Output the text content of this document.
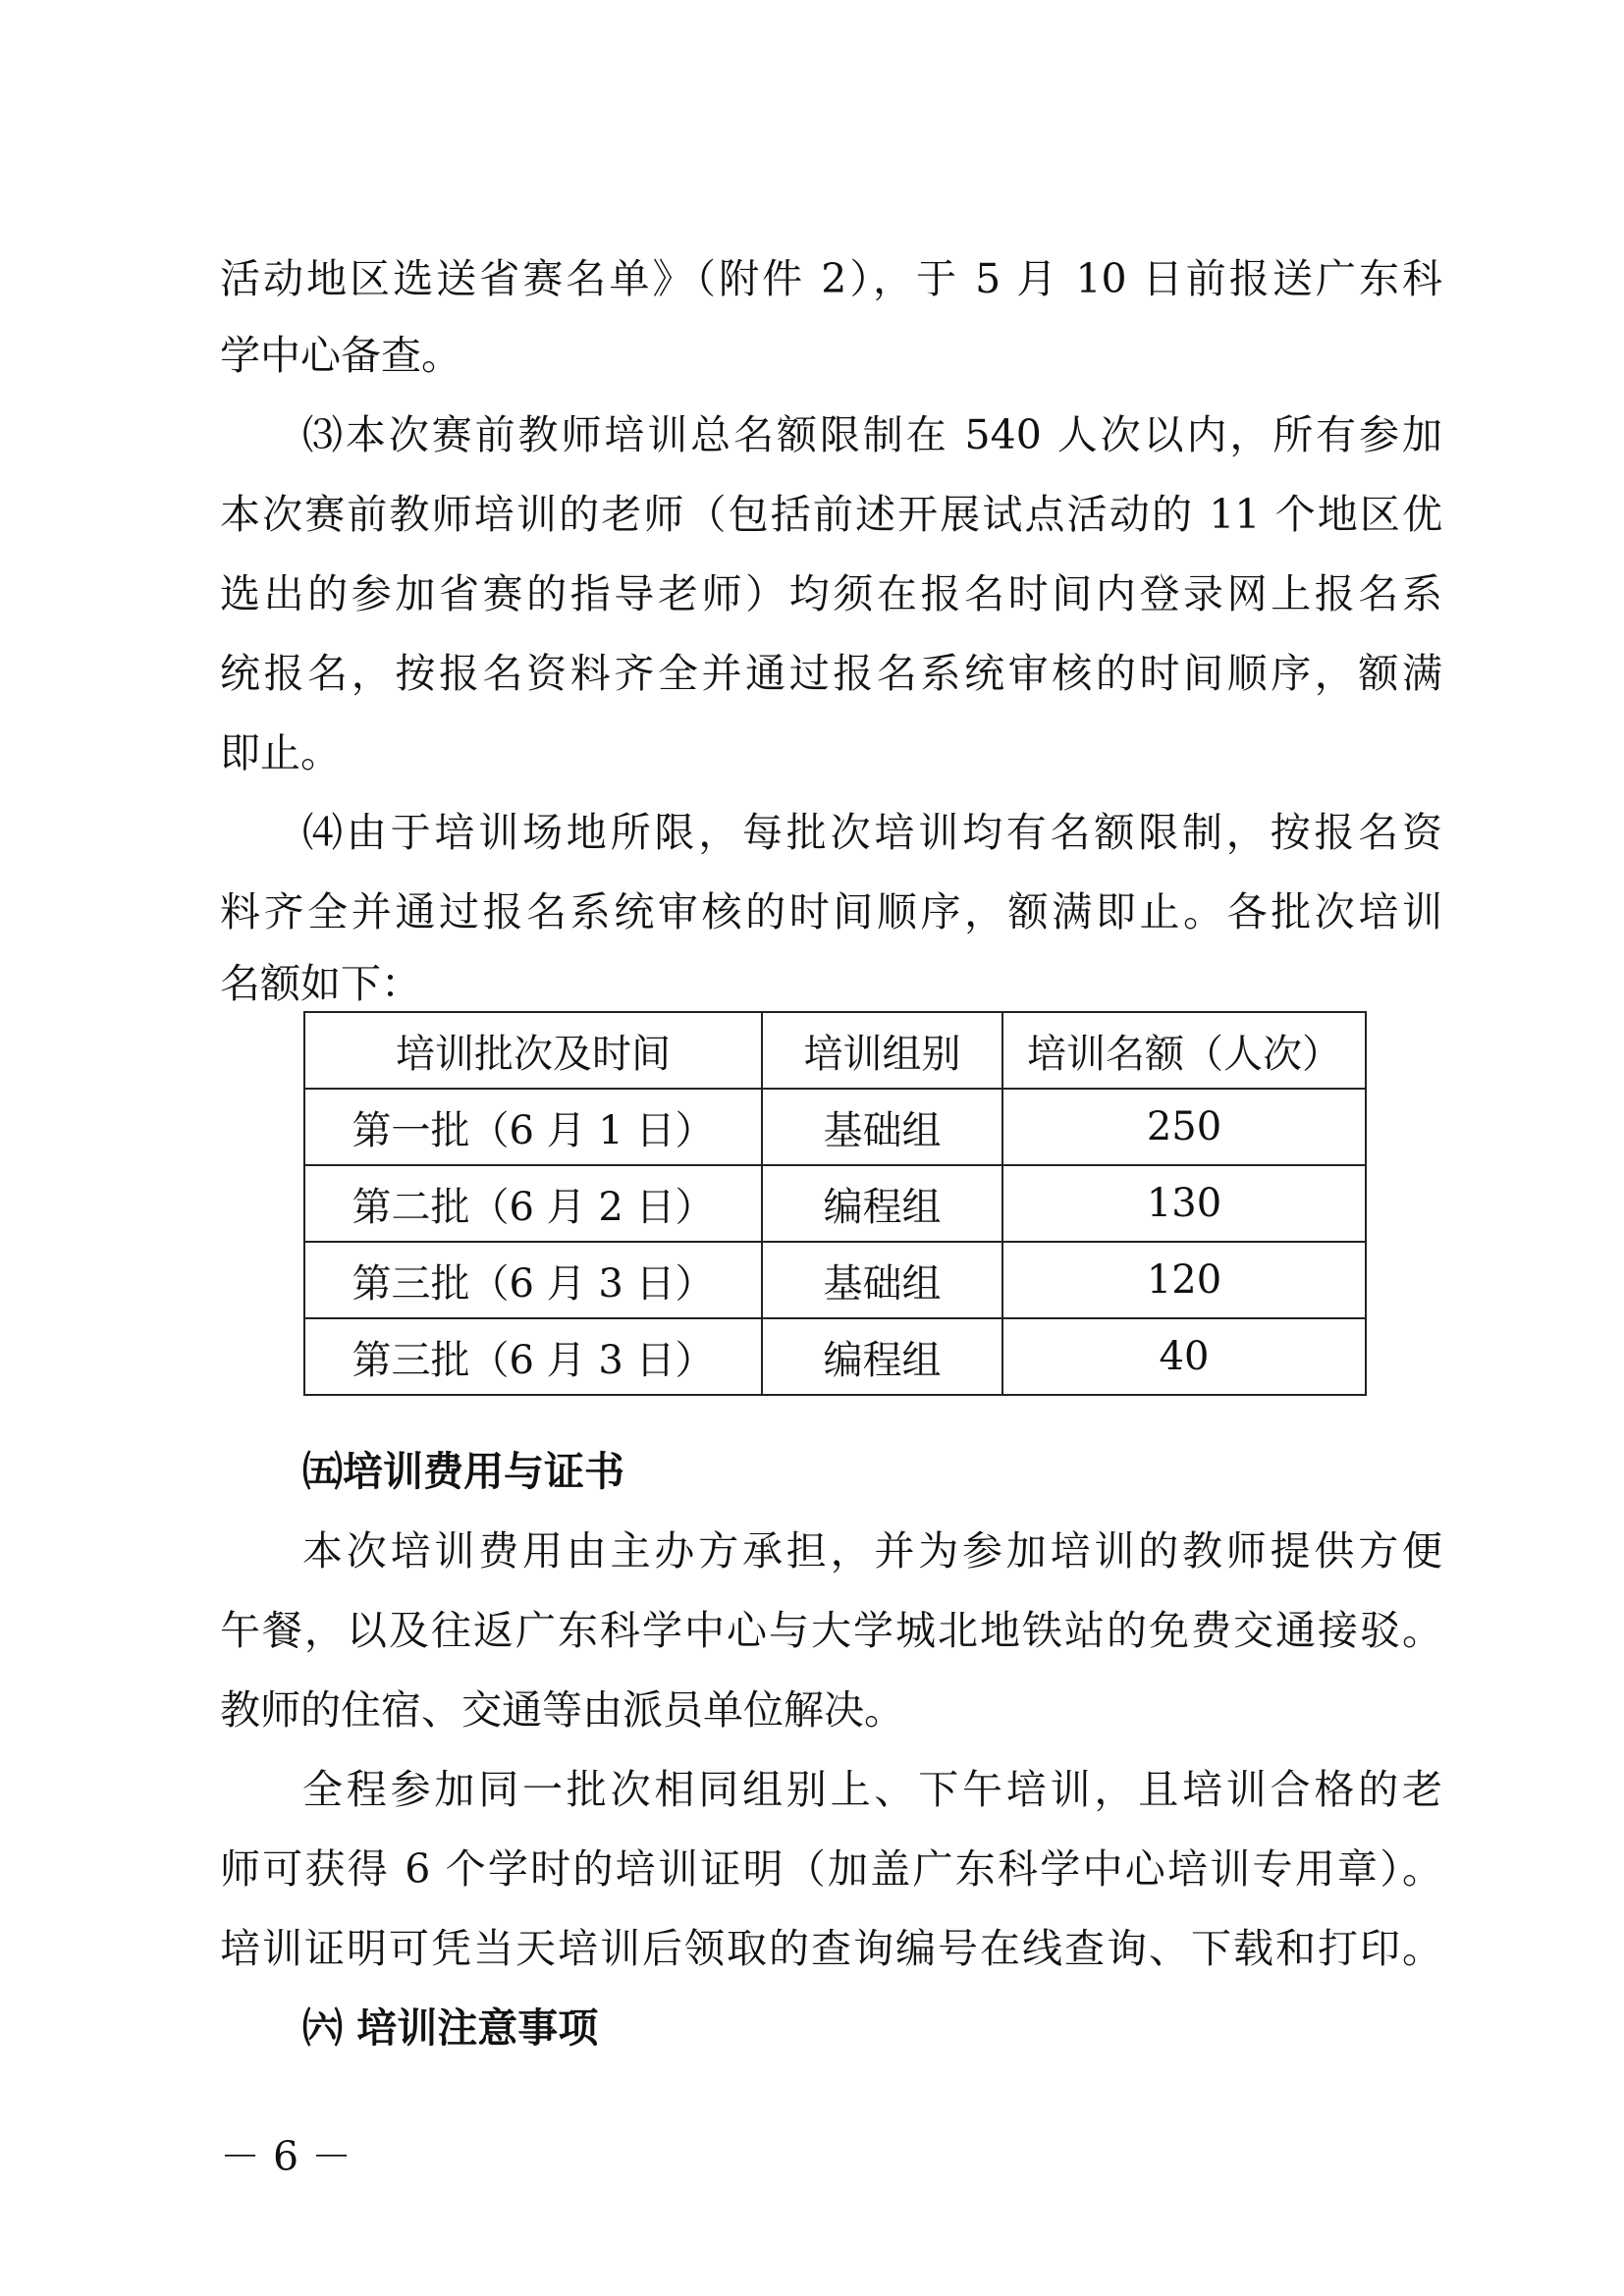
活动地区选送省赛名单》（附件 2），于 5 月 10 日前报送广东科
学中心备查。
⑶本次赛前教师培训总名额限制在 540 人次以内，所有参加
本次赛前教师培训的老师（包括前述开展试点活动的 11 个地区优
选出的参加省赛的指导老师）均须在报名时间内登录网上报名系
统报名，按报名资料齐全并通过报名系统审核的时间顺序，额满
即止。
⑷由于培训场地所限，每批次培训均有名额限制，按报名资
料齐全并通过报名系统审核的时间顺序，额满即止。各批次培训
名额如下：
培训批次及时间	培训组别	培训名额（人次）
第一批（6 月 1 日）	基础组	250
第二批（6 月 2 日）	编程组	130
第三批（6 月 3 日）	基础组	120
第三批（6 月 3 日）	编程组	40
㈤培训费用与证书
本次培训费用由主办方承担，并为参加培训的教师提供方便
午餐，以及往返广东科学中心与大学城北地铁站的免费交通接驳。
教师的住宿、交通等由派员单位解决。
全程参加同一批次相同组别上、下午培训，且培训合格的老
师可获得 6 个学时的培训证明（加盖广东科学中心培训专用章）。
培训证明可凭当天培训后领取的查询编号在线查询、下载和打印。
㈥ 培训注意事项
－ 6 －
